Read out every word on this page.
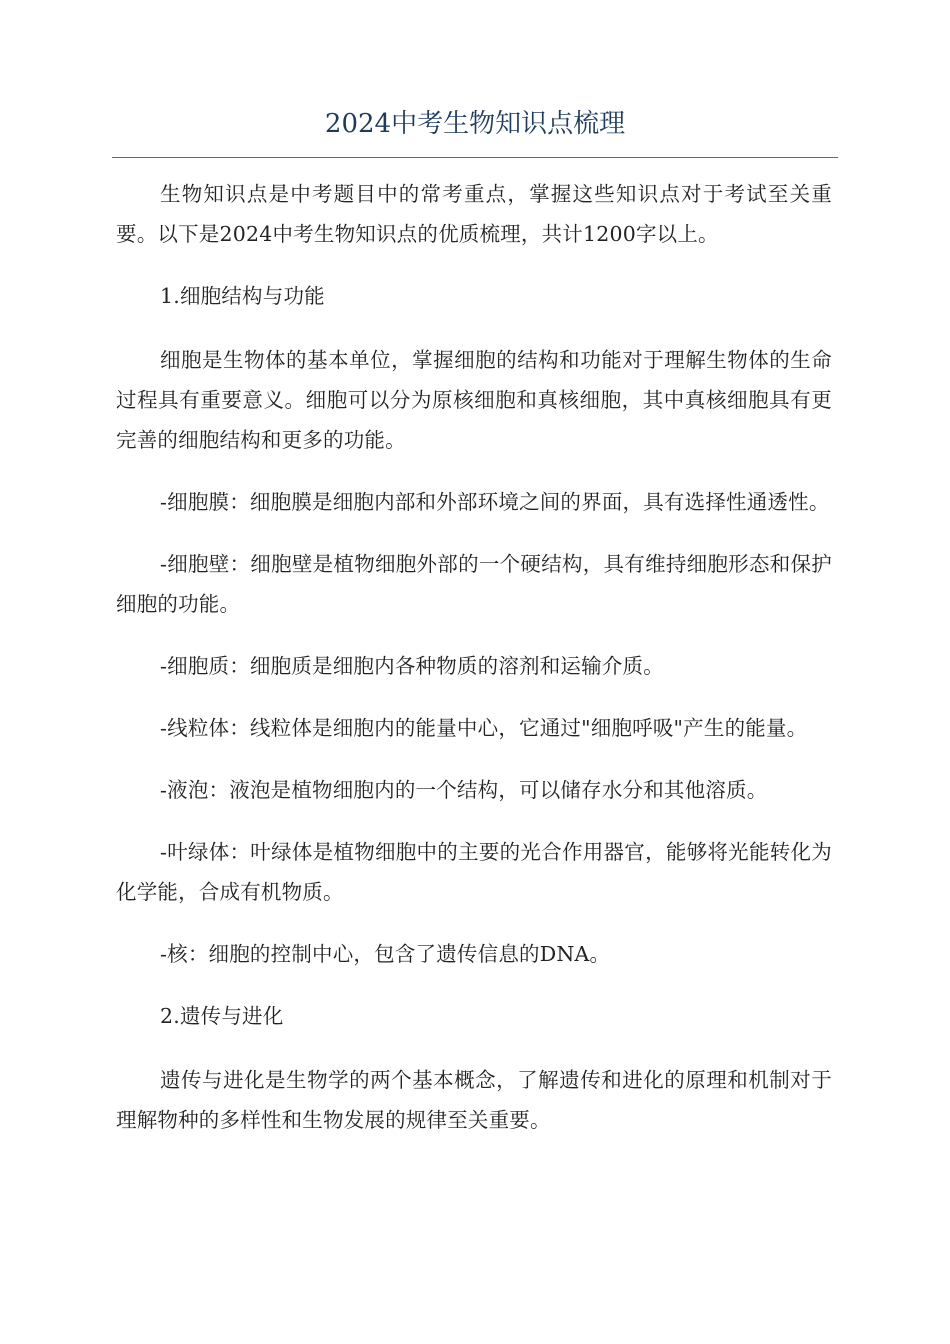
2024中考生物知识点梳理

生物知识点是中考题目中的常考重点，掌握这些知识点对于考试至关重要。以下是2024中考生物知识点的优质梳理，共计1200字以上。

1.细胞结构与功能

细胞是生物体的基本单位，掌握细胞的结构和功能对于理解生物体的生命过程具有重要意义。细胞可以分为原核细胞和真核细胞，其中真核细胞具有更完善的细胞结构和更多的功能。

-细胞膜：细胞膜是细胞内部和外部环境之间的界面，具有选择性通透性。

-细胞壁：细胞壁是植物细胞外部的一个硬结构，具有维持细胞形态和保护细胞的功能。

-细胞质：细胞质是细胞内各种物质的溶剂和运输介质。

-线粒体：线粒体是细胞内的能量中心，它通过"细胞呼吸"产生的能量。

-液泡：液泡是植物细胞内的一个结构，可以储存水分和其他溶质。

-叶绿体：叶绿体是植物细胞中的主要的光合作用器官，能够将光能转化为化学能，合成有机物质。

-核：细胞的控制中心，包含了遗传信息的DNA。

2.遗传与进化

遗传与进化是生物学的两个基本概念，了解遗传和进化的原理和机制对于理解物种的多样性和生物发展的规律至关重要。
